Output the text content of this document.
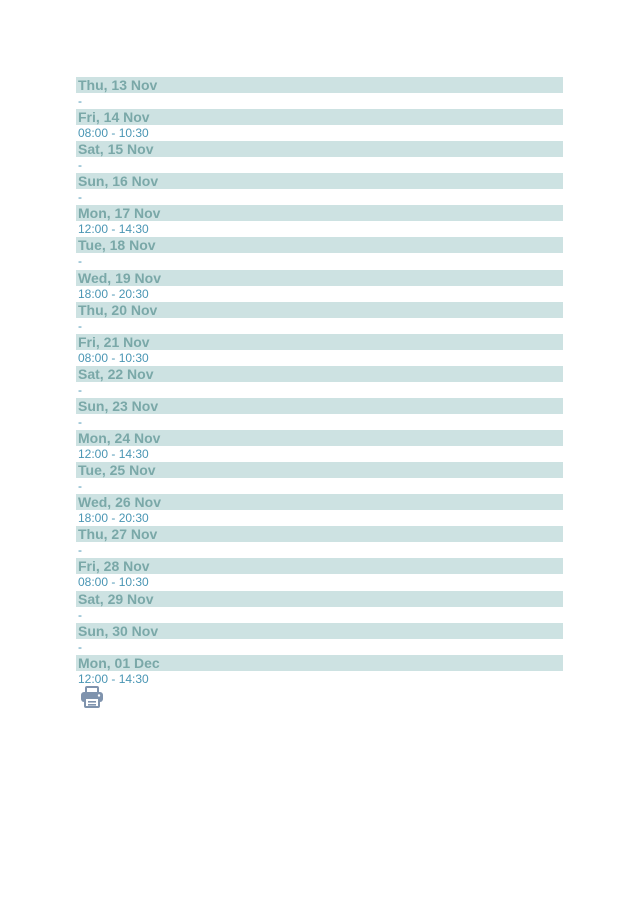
Thu, 13 Nov
-
Fri, 14 Nov
08:00 - 10:30
Sat, 15 Nov
-
Sun, 16 Nov
-
Mon, 17 Nov
12:00 - 14:30
Tue, 18 Nov
-
Wed, 19 Nov
18:00 - 20:30
Thu, 20 Nov
-
Fri, 21 Nov
08:00 - 10:30
Sat, 22 Nov
-
Sun, 23 Nov
-
Mon, 24 Nov
12:00 - 14:30
Tue, 25 Nov
-
Wed, 26 Nov
18:00 - 20:30
Thu, 27 Nov
-
Fri, 28 Nov
08:00 - 10:30
Sat, 29 Nov
-
Sun, 30 Nov
-
Mon, 01 Dec
12:00 - 14:30
